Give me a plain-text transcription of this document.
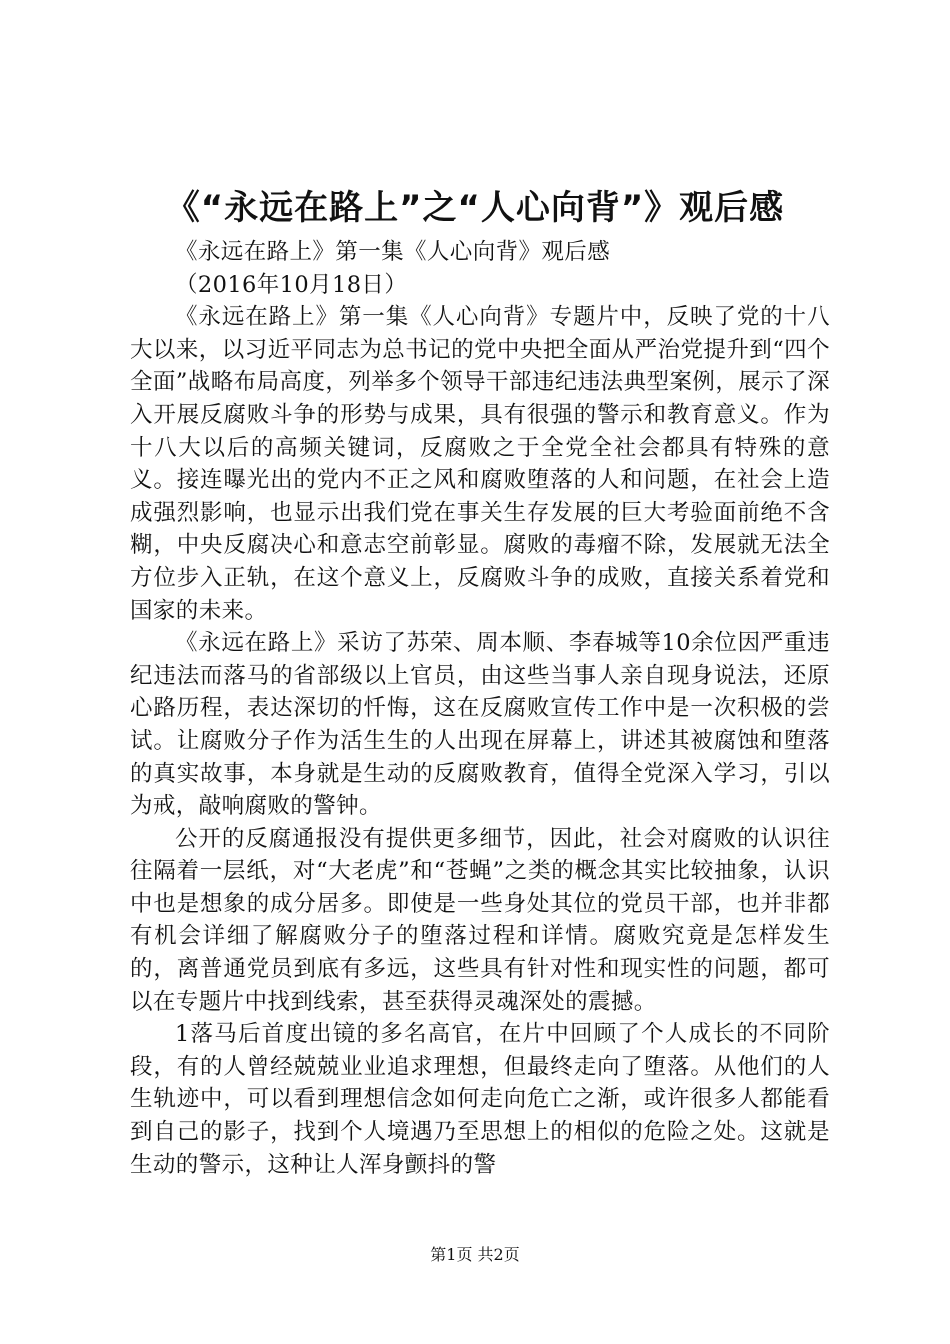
《“永远在路上”之“人心向背”》观后感

《永远在路上》第一集《人心向背》观后感

（2016年10月18日）

《永远在路上》第一集《人心向背》专题片中，反映了党的十八大以来，以习近平同志为总书记的党中央把全面从严治党提升到“四个全面”战略布局高度，列举多个领导干部违纪违法典型案例，展示了深入开展反腐败斗争的形势与成果，具有很强的警示和教育意义。作为十八大以后的高频关键词，反腐败之于全党全社会都具有特殊的意义。接连曝光出的党内不正之风和腐败堕落的人和问题，在社会上造成强烈影响，也显示出我们党在事关生存发展的巨大考验面前绝不含糊，中央反腐决心和意志空前彰显。腐败的毒瘤不除，发展就无法全方位步入正轨，在这个意义上，反腐败斗争的成败，直接关系着党和国家的未来。

《永远在路上》采访了苏荣、周本顺、李春城等10余位因严重违纪违法而落马的省部级以上官员，由这些当事人亲自现身说法，还原心路历程，表达深切的忏悔，这在反腐败宣传工作中是一次积极的尝试。让腐败分子作为活生生的人出现在屏幕上，讲述其被腐蚀和堕落的真实故事，本身就是生动的反腐败教育，值得全党深入学习，引以为戒，敲响腐败的警钟。

公开的反腐通报没有提供更多细节，因此，社会对腐败的认识往往隔着一层纸，对“大老虎”和“苍蝇”之类的概念其实比较抽象，认识中也是想象的成分居多。即使是一些身处其位的党员干部，也并非都有机会详细了解腐败分子的堕落过程和详情。腐败究竟是怎样发生的，离普通党员到底有多远，这些具有针对性和现实性的问题，都可以在专题片中找到线索，甚至获得灵魂深处的震撼。

1落马后首度出镜的多名高官，在片中回顾了个人成长的不同阶段，有的人曾经兢兢业业追求理想，但最终走向了堕落。从他们的人生轨迹中，可以看到理想信念如何走向危亡之渐，或许很多人都能看到自己的影子，找到个人境遇乃至思想上的相似的危险之处。这就是生动的警示，这种让人浑身颤抖的警

第1页 共2页
